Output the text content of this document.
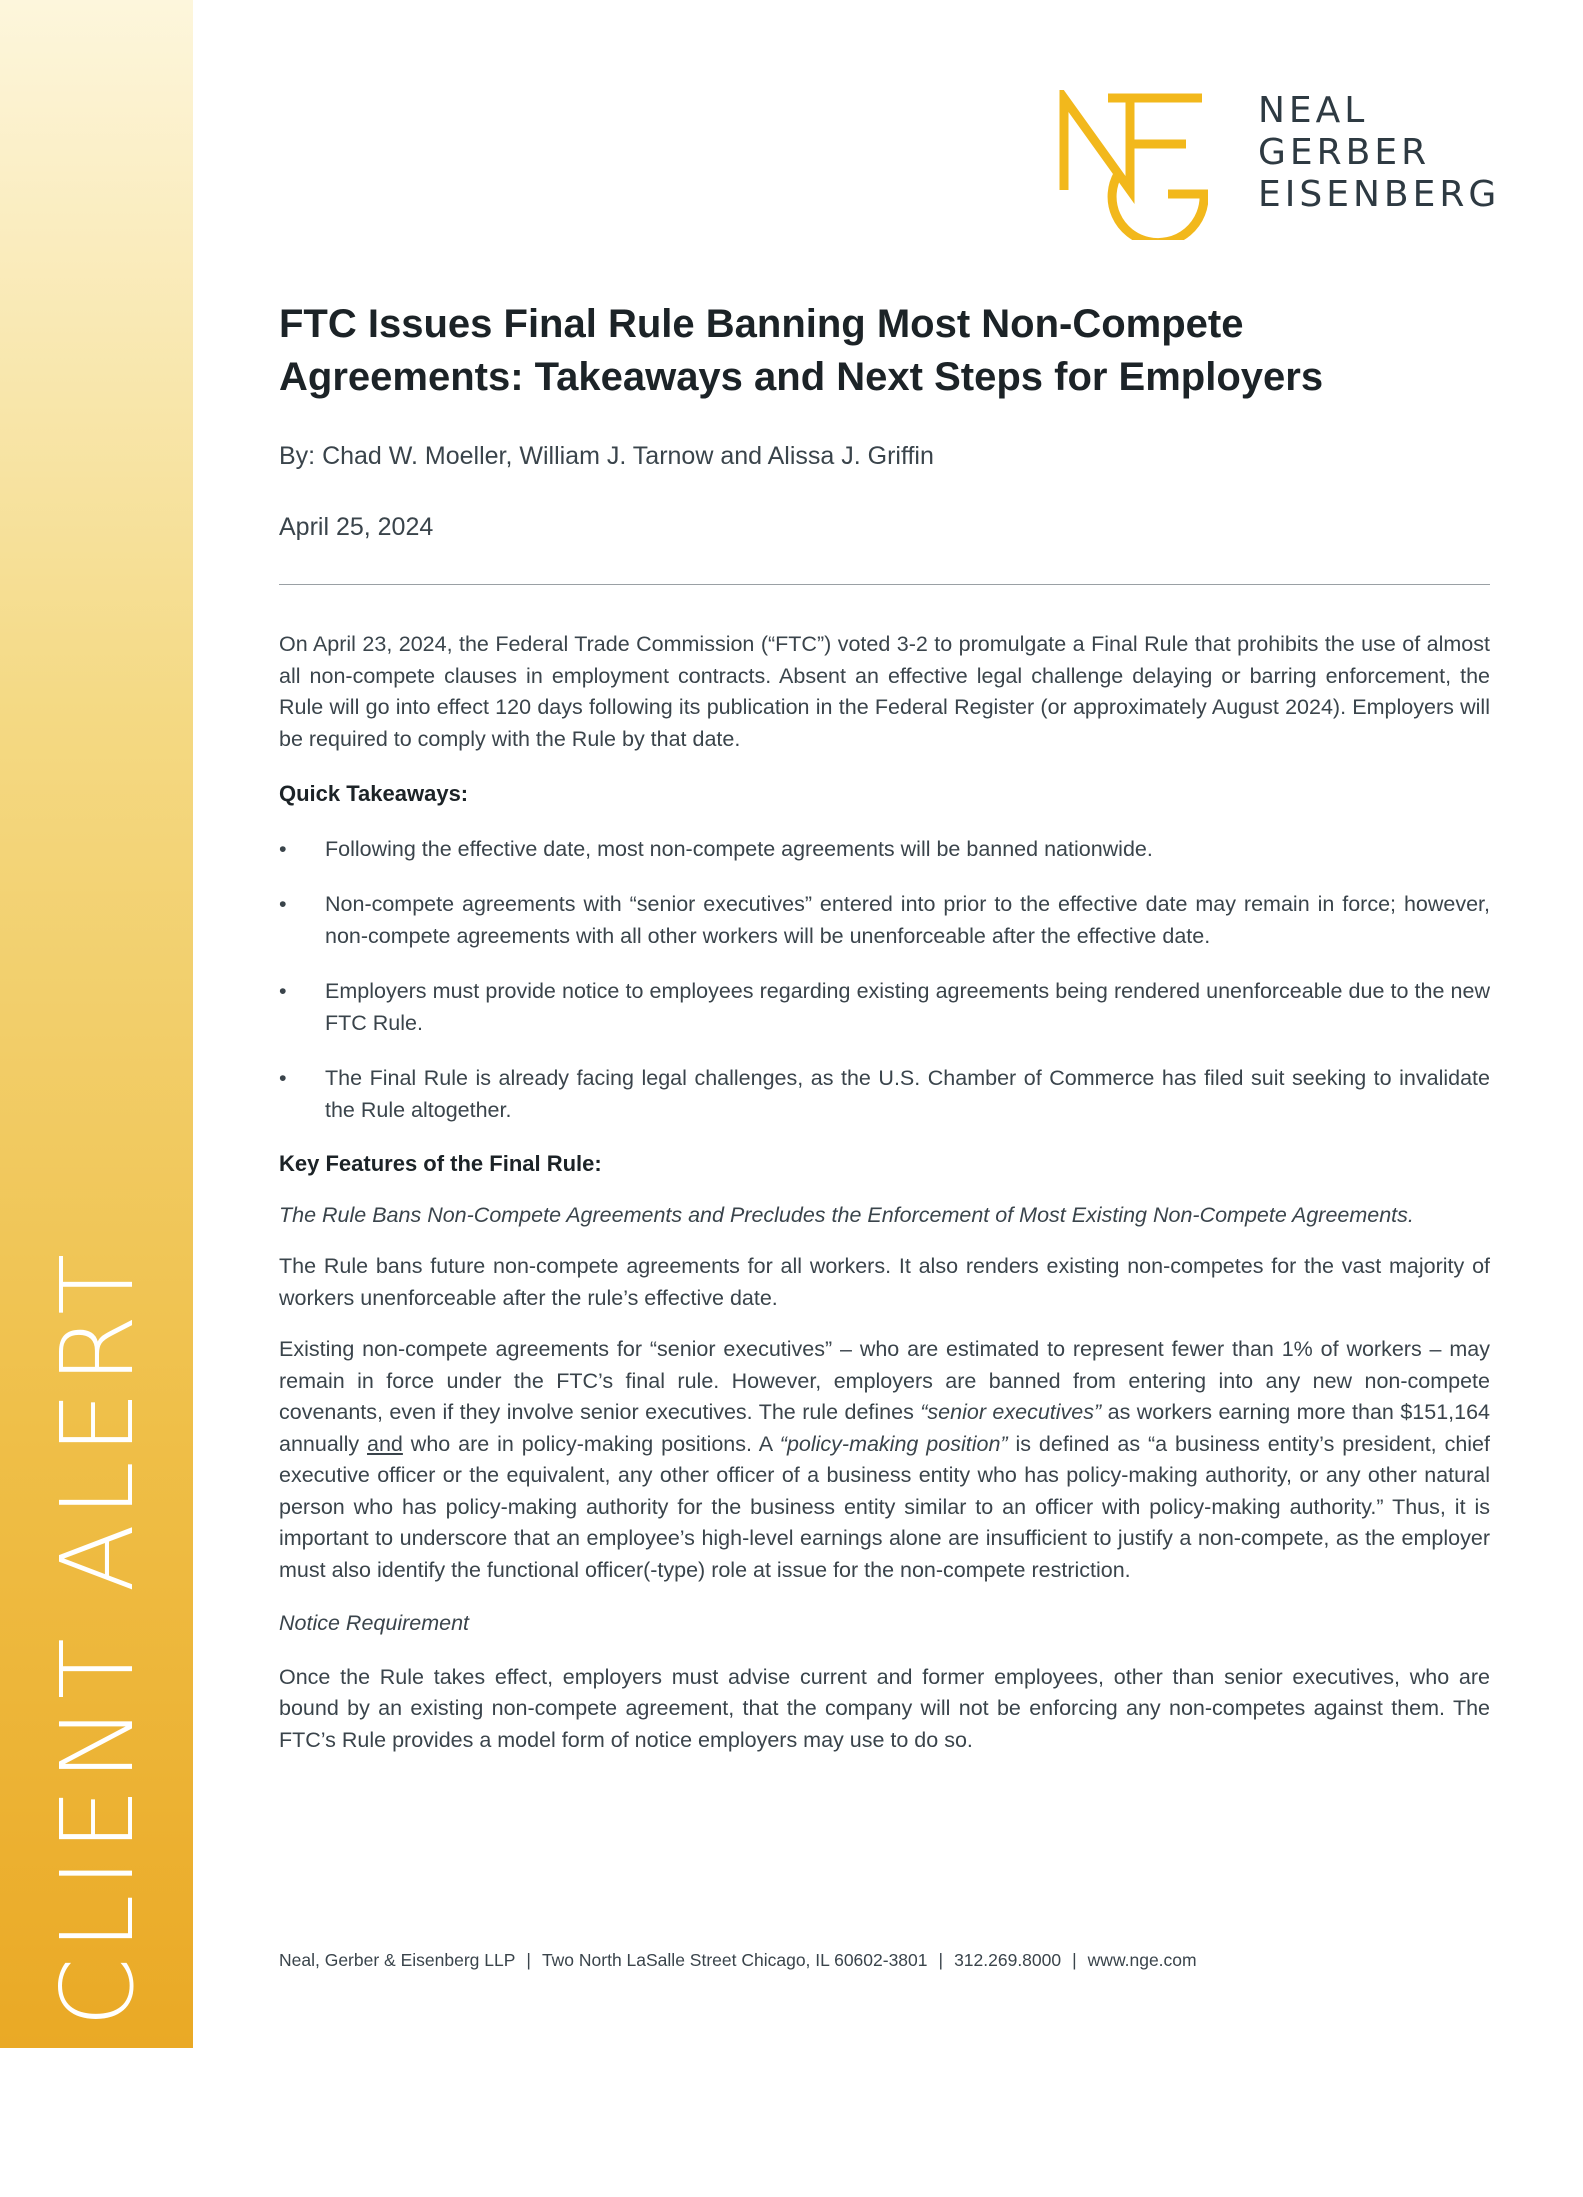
CLIENT ALERT
NEAL
GERBER
EISENBERG
FTC Issues Final Rule Banning Most Non-Compete Agreements: Takeaways and Next Steps for Employers
By: Chad W. Moeller, William J. Tarnow and Alissa J. Griffin
April 25, 2024

On April 23, 2024, the Federal Trade Commission (“FTC”) voted 3-2 to promulgate a Final Rule that prohibits the use of almost all non-compete clauses in employment contracts. Absent an effective legal challenge delaying or barring enforcement, the Rule will go into effect 120 days following its publication in the Federal Register (or approximately August 2024). Employers will be required to comply with the Rule by that date.

Quick Takeaways:

• Following the effective date, most non-compete agreements will be banned nationwide.
• Non-compete agreements with “senior executives” entered into prior to the effective date may remain in force; however, non-compete agreements with all other workers will be unenforceable after the effective date.
• Employers must provide notice to employees regarding existing agreements being rendered unenforceable due to the new FTC Rule.
• The Final Rule is already facing legal challenges, as the U.S. Chamber of Commerce has filed suit seeking to invalidate the Rule altogether.

Key Features of the Final Rule:

The Rule Bans Non-Compete Agreements and Precludes the Enforcement of Most Existing Non-Compete Agreements.

The Rule bans future non-compete agreements for all workers. It also renders existing non-competes for the vast majority of workers unenforceable after the rule’s effective date.

Existing non-compete agreements for “senior executives” – who are estimated to represent fewer than 1% of workers – may remain in force under the FTC’s final rule. However, employers are banned from entering into any new non-compete covenants, even if they involve senior executives. The rule defines “senior executives” as workers earning more than $151,164 annually and who are in policy-making positions. A “policy-making position” is defined as “a business entity’s president, chief executive officer or the equivalent, any other officer of a business entity who has policy-making authority, or any other natural person who has policy-making authority for the business entity similar to an officer with policy-making authority.” Thus, it is important to underscore that an employee’s high-level earnings alone are insufficient to justify a non-compete, as the employer must also identify the functional officer(-type) role at issue for the non-compete restriction.

Notice Requirement

Once the Rule takes effect, employers must advise current and former employees, other than senior executives, who are bound by an existing non-compete agreement, that the company will not be enforcing any non-competes against them. The FTC’s Rule provides a model form of notice employers may use to do so.

Neal, Gerber & Eisenberg LLP | Two North LaSalle Street Chicago, IL 60602-3801 | 312.269.8000 | www.nge.com
